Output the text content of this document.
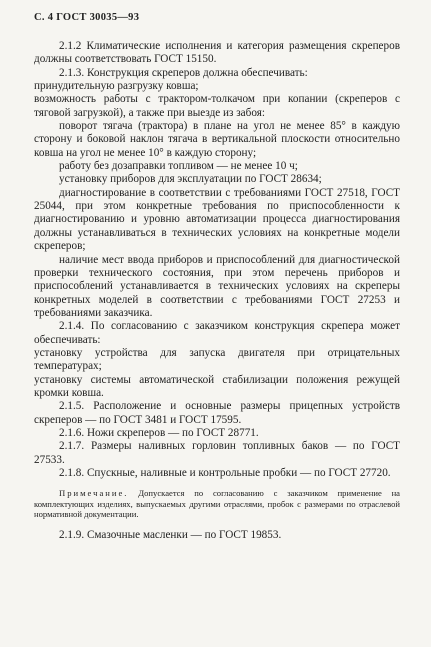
С. 4 ГОСТ 30035—93

2.1.2 Климатические исполнения и категория размещения скреперов должны соответствовать ГОСТ 15150.

2.1.3. Конструкция скреперов должна обеспечивать:

принудительную разгрузку ковша;

возможность работы с трактором-толкачом при копании (скреперов с тяговой загрузкой), а также при выезде из забоя:

поворот тягача (трактора) в плане на угол не менее 85° в каждую сторону и боковой наклон тягача в вертикальной плоскости относительно ковша на угол не менее 10° в каждую сторону;

работу без дозаправки топливом — не менее 10 ч;

установку приборов для эксплуатации по ГОСТ 28634;

диагностирование в соответствии с требованиями ГОСТ 27518, ГОСТ 25044, при этом конкретные требования по приспособленности к диагностированию и уровню автоматизации процесса диагностирования должны устанавливаться в технических условиях на конкретные модели скреперов;

наличие мест ввода приборов и приспособлений для диагностической проверки технического состояния, при этом перечень приборов и приспособлений устанавливается в технических условиях на скреперы конкретных моделей в соответствии с требованиями ГОСТ 27253 и требованиями заказчика.

2.1.4. По согласованию с заказчиком конструкция скрепера может обеспечивать:

установку устройства для запуска двигателя при отрицательных температурах;

установку системы автоматической стабилизации положения режущей кромки ковша.

2.1.5. Расположение и основные размеры прицепных устройств скреперов — по ГОСТ 3481 и ГОСТ 17595.

2.1.6. Ножи скреперов — по ГОСТ 28771.

2.1.7. Размеры наливных горловин топливных баков — по ГОСТ 27533.

2.1.8. Спускные, наливные и контрольные пробки — по ГОСТ 27720.

Примечание. Допускается по согласованию с заказчиком применение на комплектующих изделиях, выпускаемых другими отраслями, пробок с размерами по отраслевой нормативной документации.

2.1.9. Смазочные масленки — по ГОСТ 19853.
